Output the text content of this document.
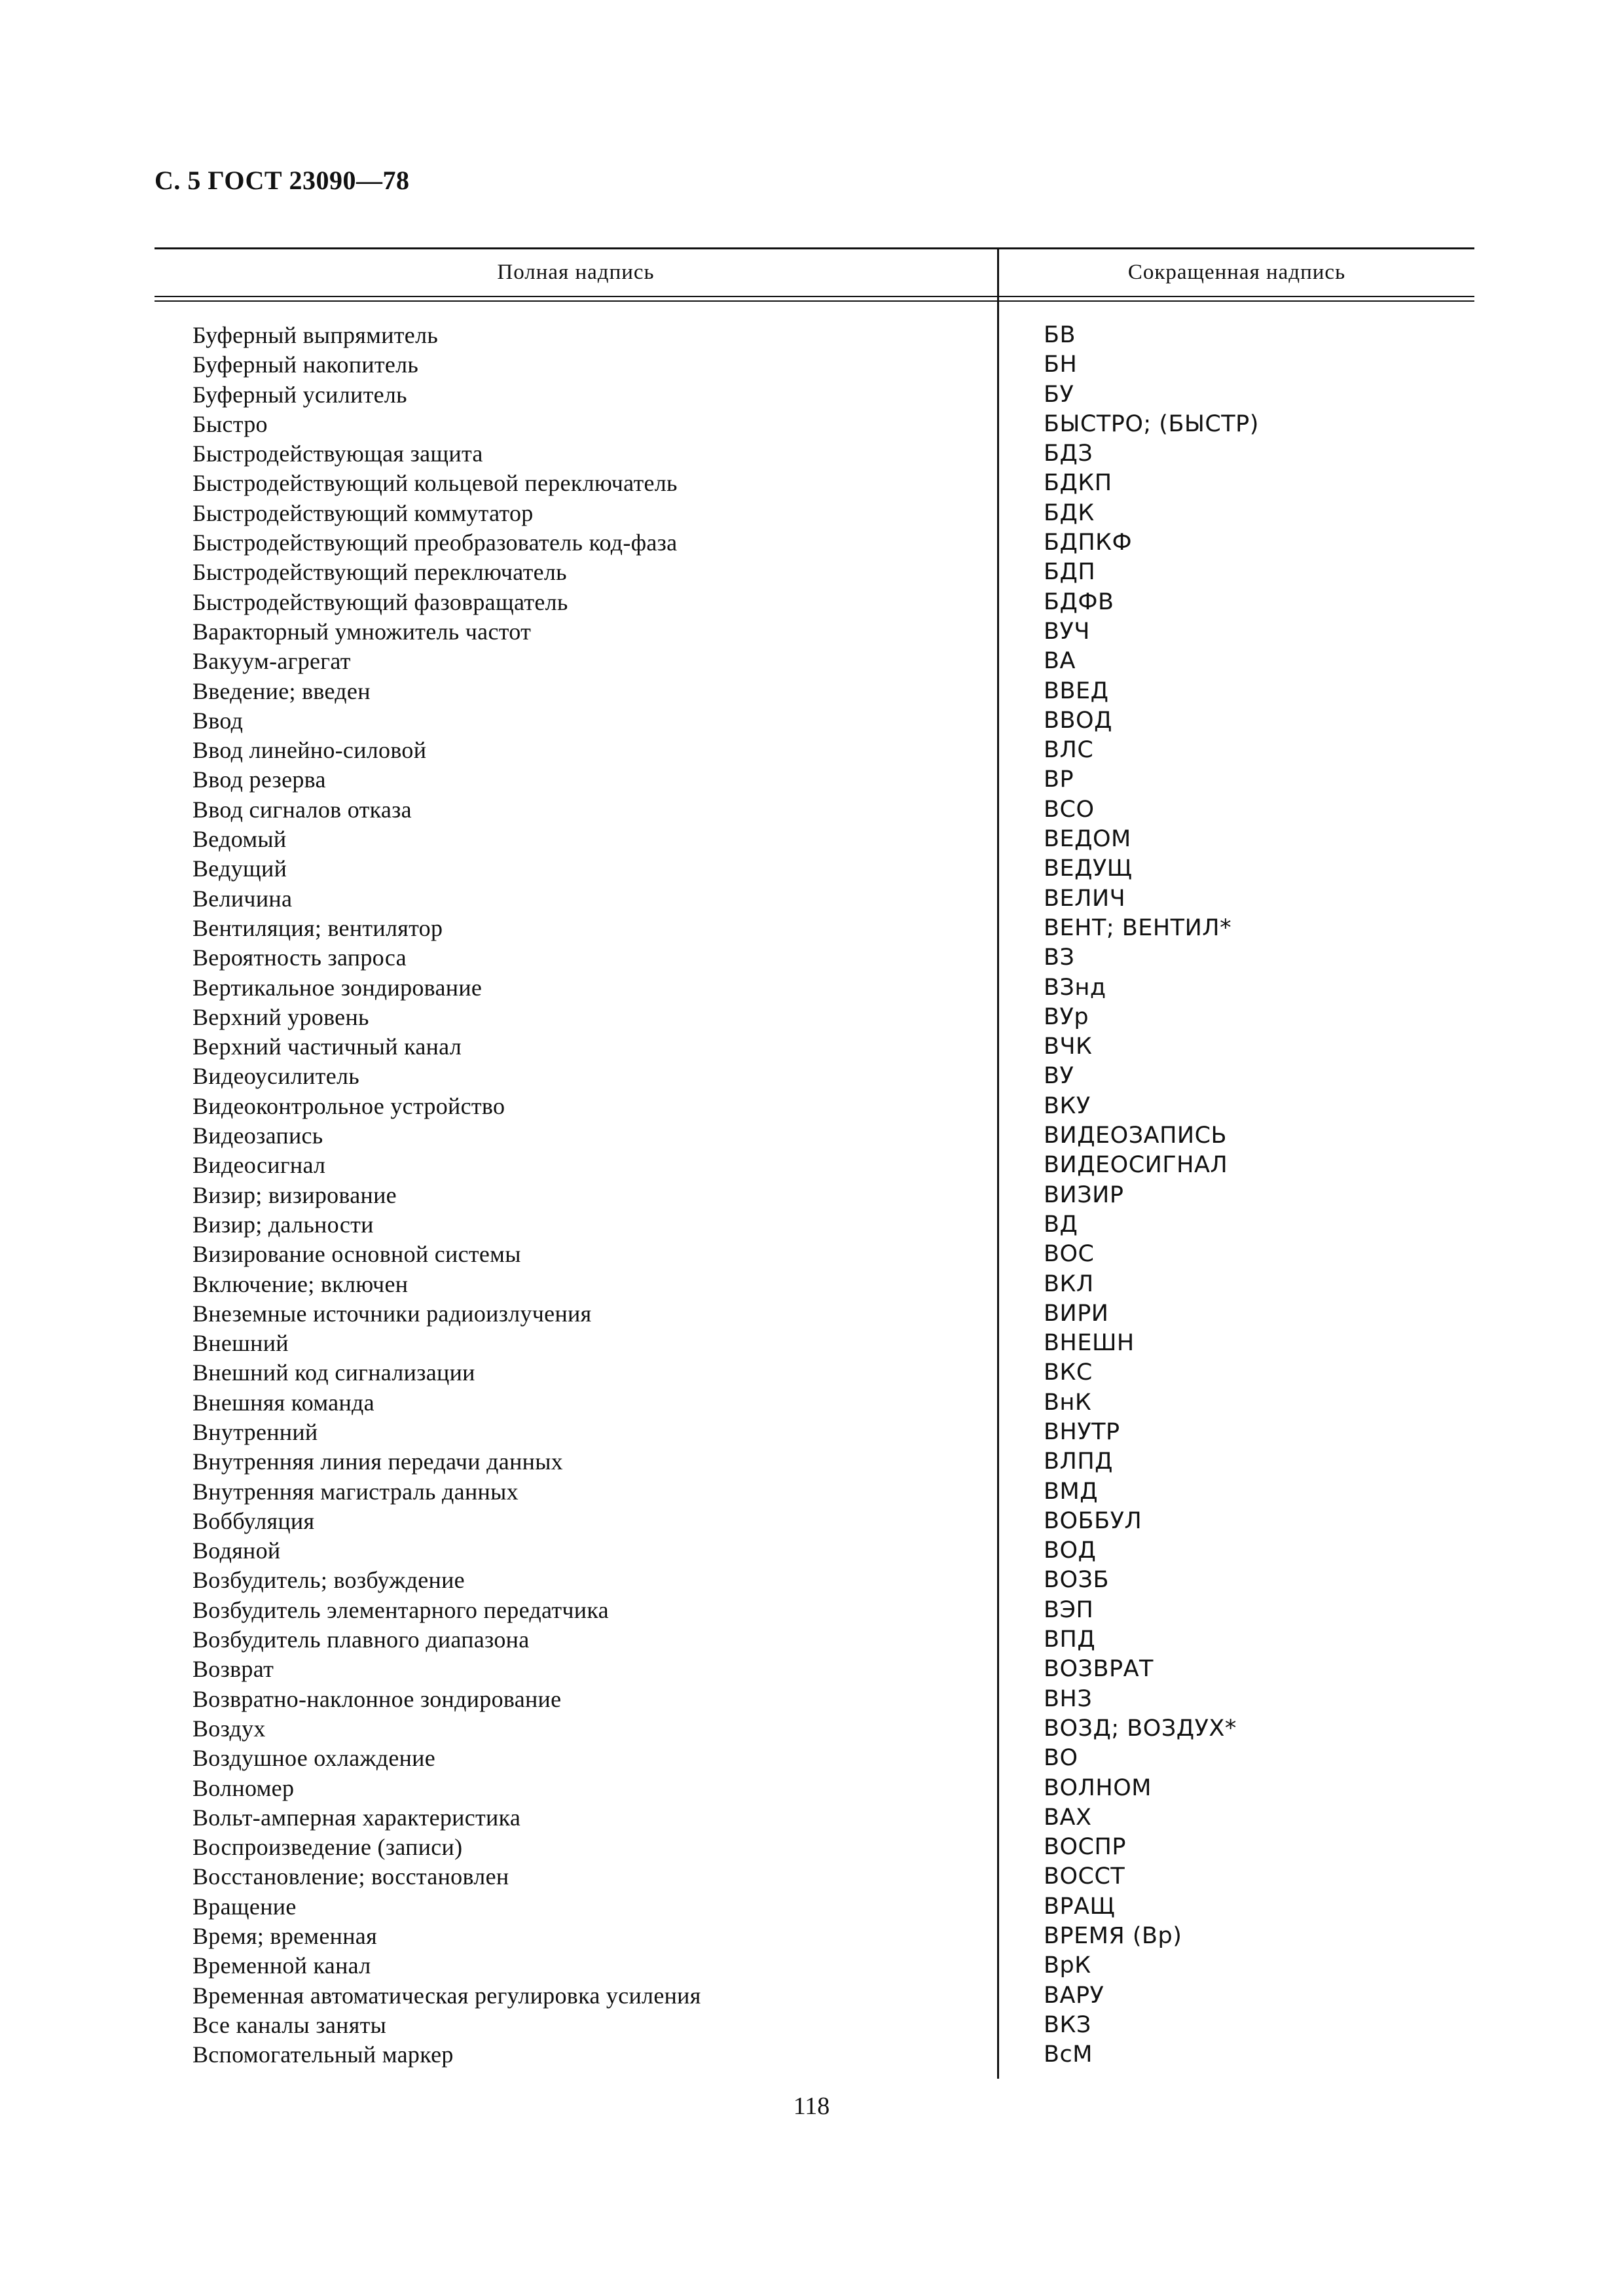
С. 5 ГОСТ 23090—78
Полная надпись	Сокращенная надпись
Буферный выпрямитель	БВ
Буферный накопитель	БН
Буферный усилитель	БУ
Быстро	БЫСТРО; (БЫСТР)
Быстродействующая защита	БДЗ
Быстродействующий кольцевой переключатель	БДКП
Быстродействующий коммутатор	БДК
Быстродействующий преобразователь код-фаза	БДПКФ
Быстродействующий переключатель	БДП
Быстродействующий фазовращатель	БДФВ
Варакторный умножитель частот	ВУЧ
Вакуум-агрегат	ВА
Введение; введен	ВВЕД
Ввод	ВВОД
Ввод линейно-силовой	ВЛС
Ввод резерва	ВР
Ввод сигналов отказа	ВСО
Ведомый	ВЕДОМ
Ведущий	ВЕДУЩ
Величина	ВЕЛИЧ
Вентиляция; вентилятор	ВЕНТ; ВЕНТИЛ*
Вероятность запроса	ВЗ
Вертикальное зондирование	ВЗнд
Верхний уровень	ВУр
Верхний частичный канал	ВЧК
Видеоусилитель	ВУ
Видеоконтрольное устройство	ВКУ
Видеозапись	ВИДЕОЗАПИСЬ
Видеосигнал	ВИДЕОСИГНАЛ
Визир; визирование	ВИЗИР
Визир; дальности	ВД
Визирование основной системы	ВОС
Включение; включен	ВКЛ
Внеземные источники радиоизлучения	ВИРИ
Внешний	ВНЕШН
Внешний код сигнализации	ВКС
Внешняя команда	ВнК
Внутренний	ВНУТР
Внутренняя линия передачи данных	ВЛПД
Внутренняя магистраль данных	ВМД
Воббуляция	ВОББУЛ
Водяной	ВОД
Возбудитель; возбуждение	ВОЗБ
Возбудитель элементарного передатчика	ВЭП
Возбудитель плавного диапазона	ВПД
Возврат	ВОЗВРАТ
Возвратно-наклонное зондирование	ВНЗ
Воздух	ВОЗД; ВОЗДУХ*
Воздушное охлаждение	ВО
Волномер	ВОЛНОМ
Вольт-амперная характеристика	ВАХ
Воспроизведение (записи)	ВОСПР
Восстановление; восстановлен	ВОССТ
Вращение	ВРАЩ
Время; временная	ВРЕМЯ (Вр)
Временной канал	ВрК
Временная автоматическая регулировка усиления	ВАРУ
Все каналы заняты	ВКЗ
Вспомогательный маркер	ВсМ
118
